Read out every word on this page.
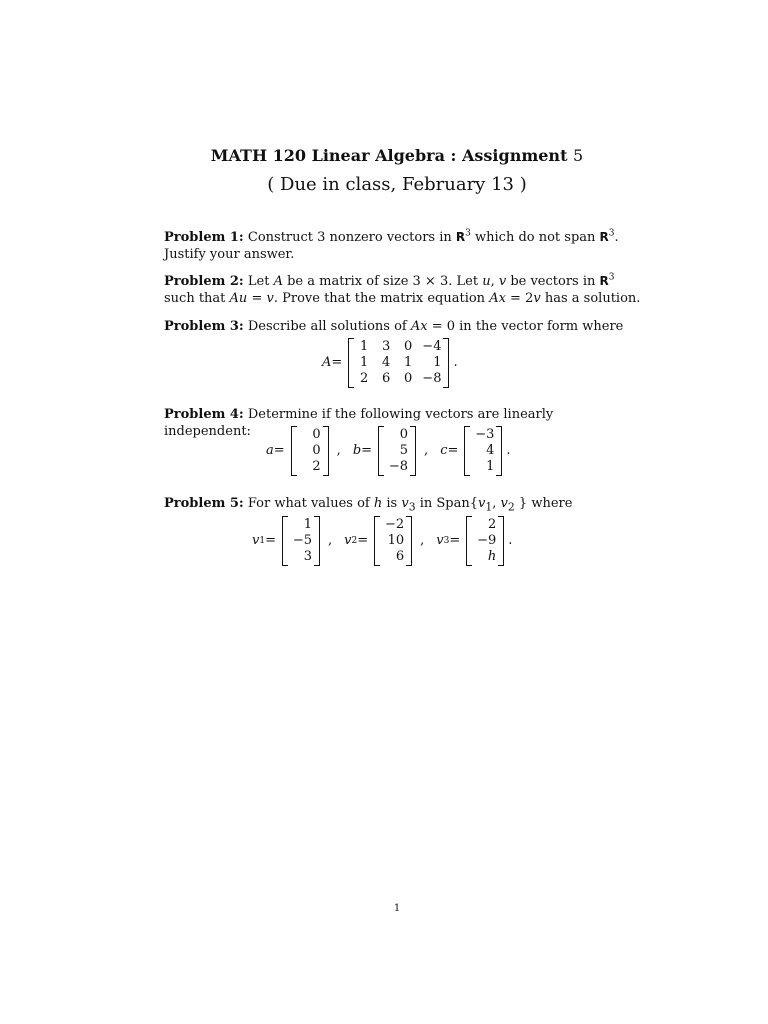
MATH 120 Linear Algebra : Assignment 5
( Due in class, February 13 )
Problem 1: Construct 3 nonzero vectors in $R^3$ which do not span $R^3$. Justify your answer.
Problem 2: Let A be a matrix of size 3 × 3. Let u, v be vectors in $R^3$ such that Au = v. Prove that the matrix equation Ax = 2v has a solution.
Problem 3: Describe all solutions of Ax = 0 in the vector form where
A =
1 3 0 −4
1 4 1	1
2 6 0 −8
.
Problem 4: Determine if the following vectors are linearly independent:
a =
0
0
2
, b =
0
5
−8
, c =
−3
4
1
.
Problem 5: For what values of h is $v_3$ in $Span\{v_1$, $v_2$ } where
v 1 =
1
−5
3
, v 2 =
−2
10
6
, v 3 =
2
−9
h
.
1
